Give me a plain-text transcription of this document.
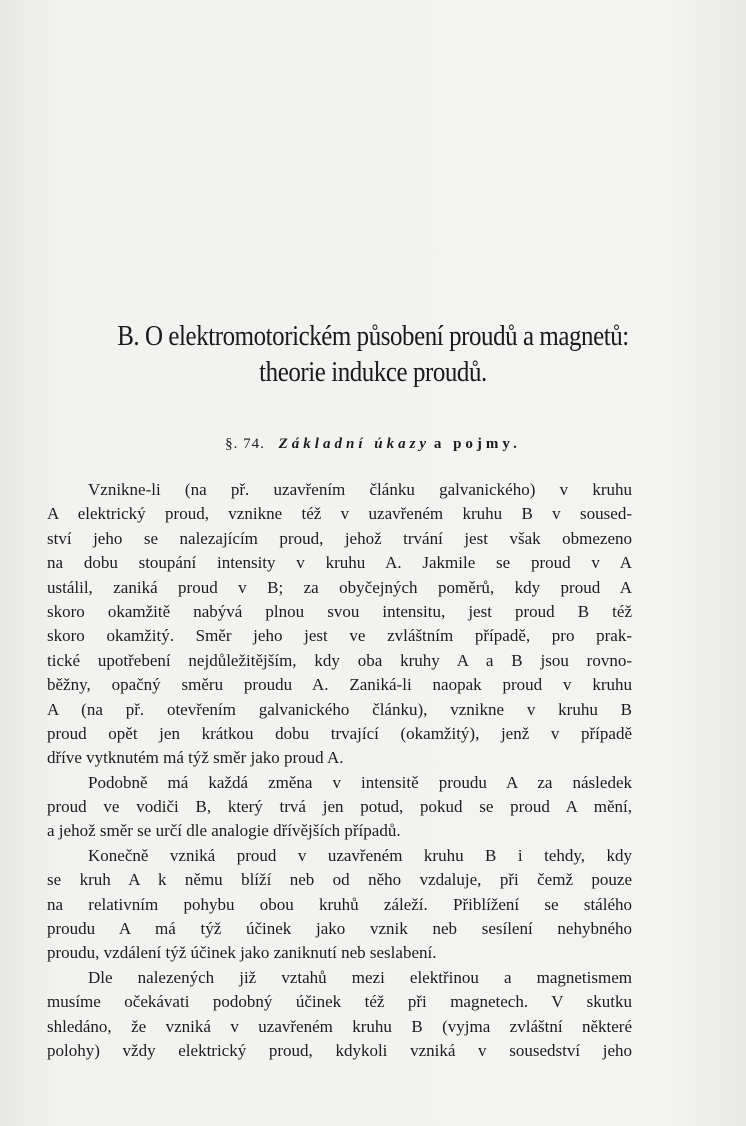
B. O elektromotorickém působení proudů a magnetů:
theorie indukce proudů.
§. 74. Základní úkazy a pojmy.
Vznikne-li (na př. uzavřením článku galvanického) v kruhu
A elektrický proud, vznikne též v uzavřeném kruhu B v soused-
ství jeho se nalezajícím proud, jehož trvání jest však obmezeno
na dobu stoupání intensity v kruhu A. Jakmile se proud v A
ustálil, zaniká proud v B; za obyčejných poměrů, kdy proud A
skoro okamžitě nabývá plnou svou intensitu, jest proud B též
skoro okamžitý. Směr jeho jest ve zvláštním případě, pro prak-
tické upotřebení nejdůležitějším, kdy oba kruhy A a B jsou rovno-
běžny, opačný směru proudu A. Zaniká-li naopak proud v kruhu
A (na př. otevřením galvanického článku), vznikne v kruhu B
proud opět jen krátkou dobu trvající (okamžitý), jenž v případě
dříve vytknutém má týž směr jako proud A.
Podobně má každá změna v intensitě proudu A za následek
proud ve vodiči B, který trvá jen potud, pokud se proud A mění,
a jehož směr se určí dle analogie dřívějších případů.
Konečně vzniká proud v uzavřeném kruhu B i tehdy, kdy
se kruh A k němu blíží neb od něho vzdaluje, při čemž pouze
na relativním pohybu obou kruhů záleží. Přiblížení se stálého
proudu A má týž účinek jako vznik neb sesílení nehybného
proudu, vzdálení týž účinek jako zaniknutí neb seslabení.
Dle nalezených již vztahů mezi elektřinou a magnetismem
musíme očekávati podobný účinek též při magnetech. V skutku
shledáno, že vzniká v uzavřeném kruhu B (vyjma zvláštní některé
polohy) vždy elektrický proud, kdykoli vzniká v sousedství jeho
